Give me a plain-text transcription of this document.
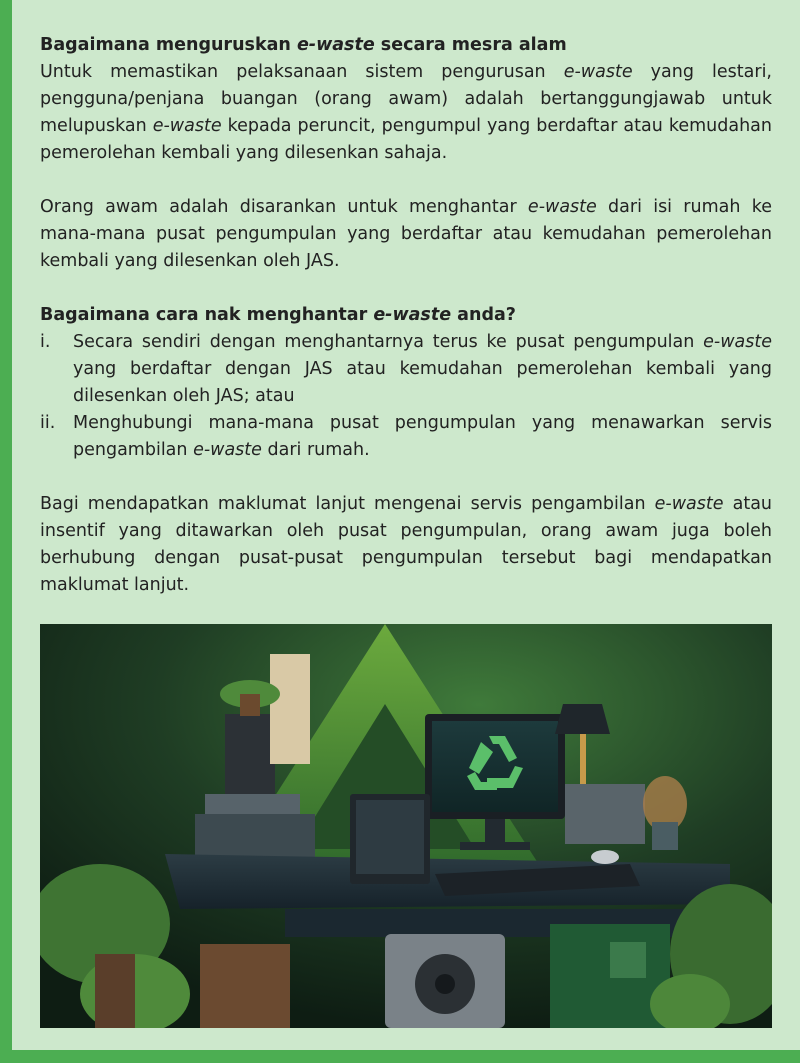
Bagaimana menguruskan e-waste secara mesra alam

Untuk memastikan pelaksanaan sistem pengurusan e-waste yang lestari, pengguna/penjana buangan (orang awam) adalah bertanggungjawab untuk melupuskan e-waste kepada peruncit, pengumpul yang berdaftar atau kemudahan pemerolehan kembali yang dilesenkan sahaja.

Orang awam adalah disarankan untuk menghantar e-waste dari isi rumah ke mana-mana pusat pengumpulan yang berdaftar atau kemudahan pemerolehan kembali yang dilesenkan oleh JAS.

Bagaimana cara nak menghantar e-waste anda?
i.	Secara sendiri dengan menghantarnya terus ke pusat pengumpulan e-waste yang berdaftar dengan JAS atau kemudahan pemerolehan kembali yang dilesenkan oleh JAS; atau
ii.	Menghubungi mana-mana pusat pengumpulan yang menawarkan servis pengambilan e-waste dari rumah.

Bagi mendapatkan maklumat lanjut mengenai servis pengambilan e-waste atau insentif yang ditawarkan oleh pusat pengumpulan, orang awam juga boleh berhubung dengan pusat-pusat pengumpulan tersebut bagi mendapatkan maklumat lanjut.
